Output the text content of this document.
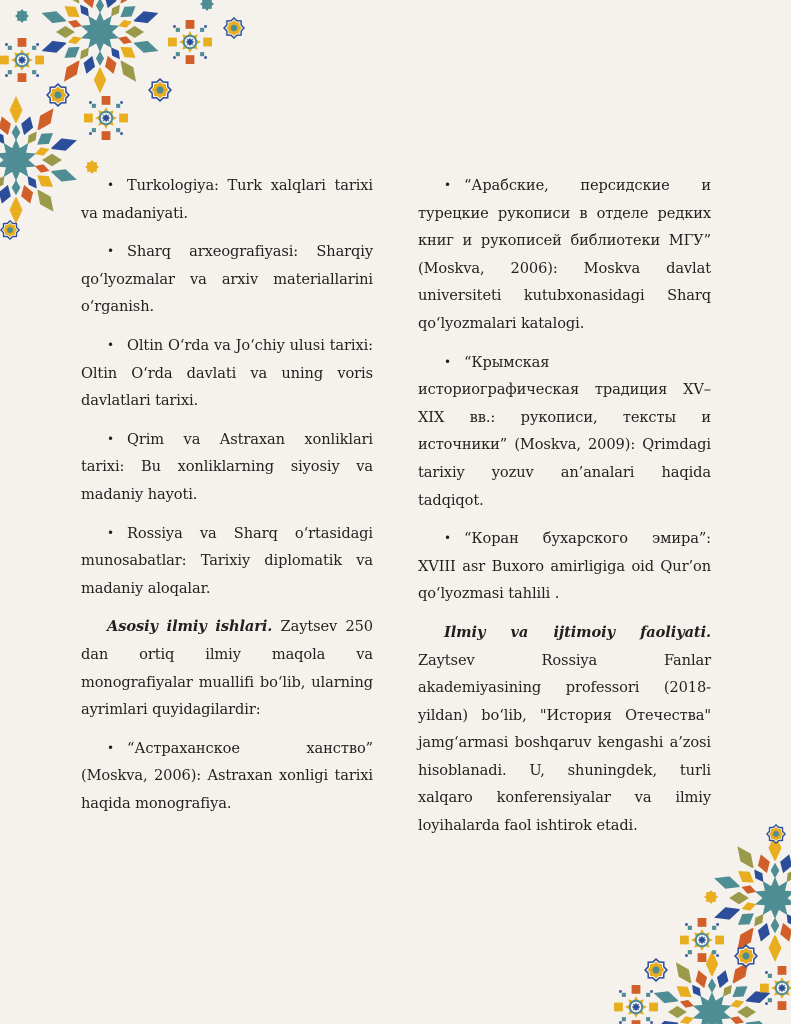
• Turkologiya: Turk xalqlari tarixi va madaniyati.

• Sharq arxeografiyasi: Sharqiy qo‘lyozmalar va arxiv materiallarini o‘rganish.

• Oltin O‘rda va Jo‘chiy ulusi tarixi: Oltin O‘rda davlati va uning voris davlatlari tarixi.

• Qrim va Astraxan xonliklari tarixi: Bu xonliklarning siyosiy va madaniy hayoti.

• Rossiya va Sharq o‘rtasidagi munosabatlar: Tarixiy diplomatik va madaniy aloqalar.

Asosiy ilmiy ishlari. Zaytsev 250 dan ortiq ilmiy maqola va monografiyalar muallifi bo‘lib, ularning ayrimlari quyidagilardir:

• “Астраханское ханство” (Moskva, 2006): Astraxan xonligi tarixi haqida monografiya.

• “Арабские, персидские и турецкие рукописи в отделе редких книг и рукописей библиотеки МГУ” (Moskva, 2006): Moskva davlat universiteti kutubxonasidagi Sharq qo‘lyozmalari katalogi.

• “Крымская историографическая традиция XV–XIX вв.: рукописи, тексты и источники” (Moskva, 2009): Qrimdagi tarixiy yozuv an’analari haqida tadqiqot.

• “Коран бухарского эмира”: XVIII asr Buxoro amirligiga oid Qur’on qo‘lyozmasi tahlili .

Ilmiy va ijtimoiy faoliyati. Zaytsev Rossiya Fanlar akademiyasining professori (2018-yildan) bo‘lib, "История Отечества" jamg‘armasi boshqaruv kengashi a’zosi hisoblanadi. U, shuningdek, turli xalqaro konferensiyalar va ilmiy loyihalarda faol ishtirok etadi.
